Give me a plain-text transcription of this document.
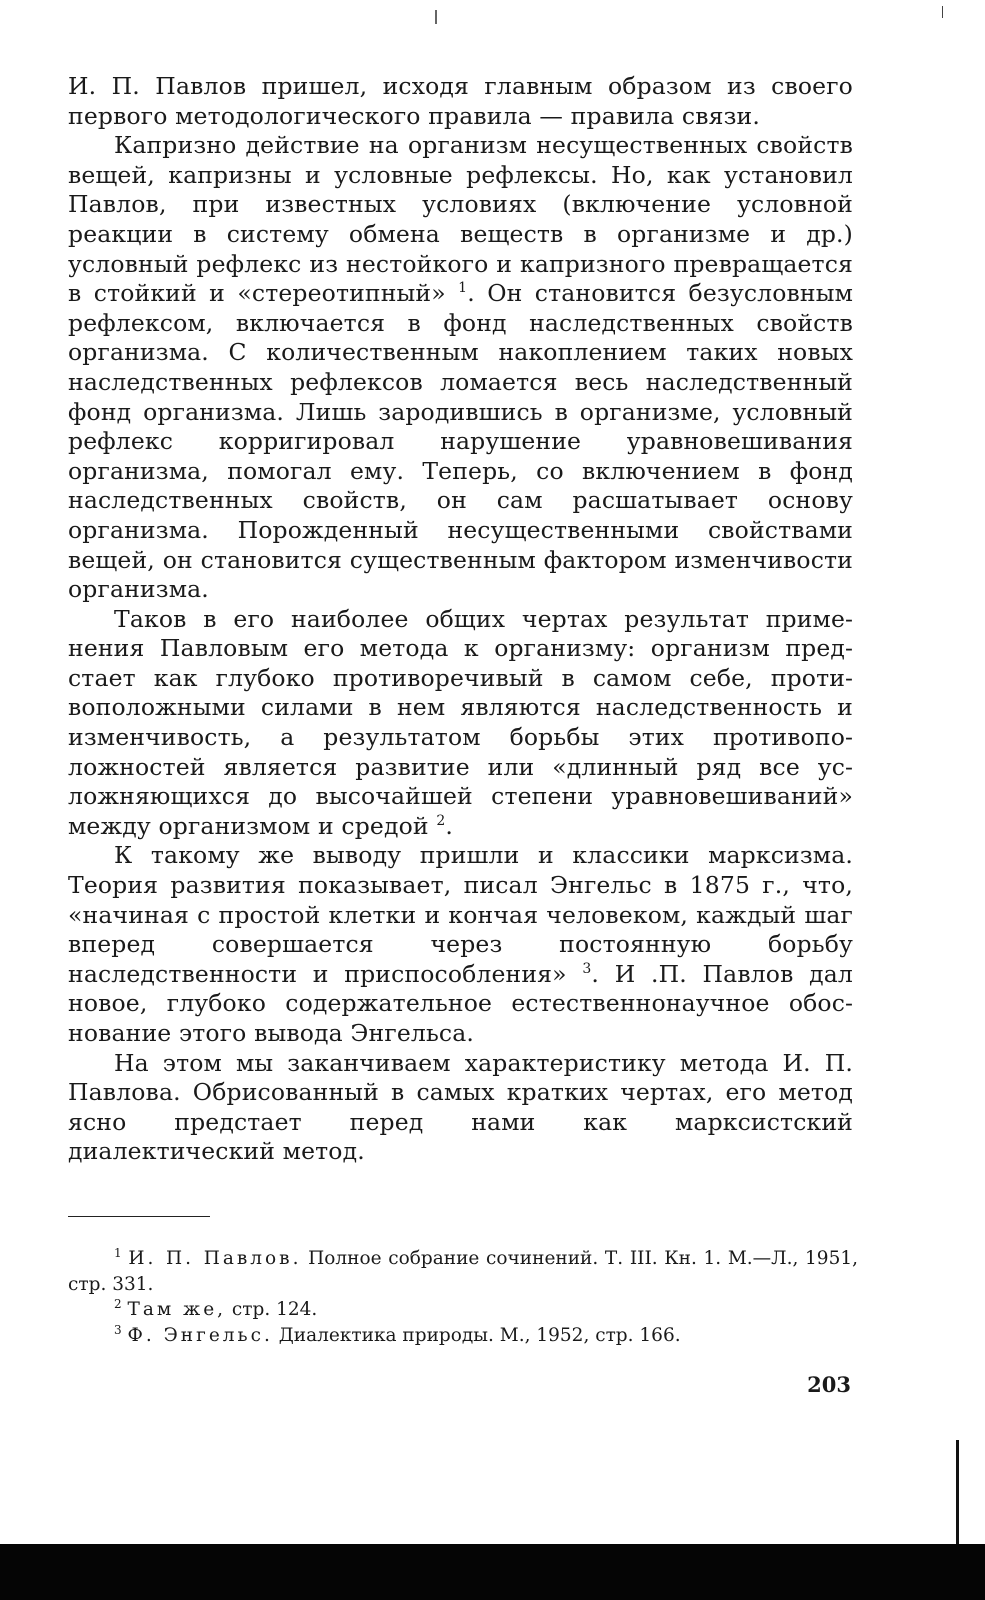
И. П. Павлов пришел, исходя главным образом из своего первого методологического правила — правила связи.

Капризно действие на организм несущественных свойств вещей, капризны и условные рефлексы. Но, как установил Павлов, при известных условиях (включение условной реакции в систему обмена веществ в организме и др.) условный рефлекс из нестойкого и капризного превращается в стойкий и «стереотипный» $^1$. Он становится безусловным рефлексом, включается в фонд наследственных свойств организма. С количественным накоплением таких новых наследственных рефлексов ломается весь наследственный фонд организма. Лишь зародившись в организме, условный рефлекс корригировал нарушение уравновешивания организма, помогал ему. Теперь, со включением в фонд наследственных свойств, он сам расшатывает основу организма. Порожденный несущественными свойствами вещей, он становится существенным фактором изменчивости организма.

Таков в его наиболее общих чертах результат применения Павловым его метода к организму: организм предстает как глубоко противоречивый в самом себе, противоположными силами в нем являются наследственность и изменчивость, а результатом борьбы этих противоположностей является развитие или «длинный ряд все усложняющихся до высочайшей степени уравновешиваний» между организмом и средой $^2$.

К такому же выводу пришли и классики марксизма. Теория развития показывает, писал Энгельс в 1875 г., что, «начиная с простой клетки и кончая человеком, каждый шаг вперед совершается через постоянную борьбу наследственности и приспособления» $^3$. И .П. Павлов дал новое, глубоко содержательное естественнонаучное обоснование этого вывода Энгельса.

На этом мы заканчиваем характеристику метода И. П. Павлова. Обрисованный в самых кратких чертах, его метод ясно предстает перед нами как марксистский диалектический метод.

$^1$ И. П. Павлов. Полное собрание сочинений. Т. III. Кн. 1. М.—Л., 1951, стр. 331.

$^2$ Там же, стр. 124.

$^3$ Ф. Энгельс. Диалектика природы. М., 1952, стр. 166.

203
